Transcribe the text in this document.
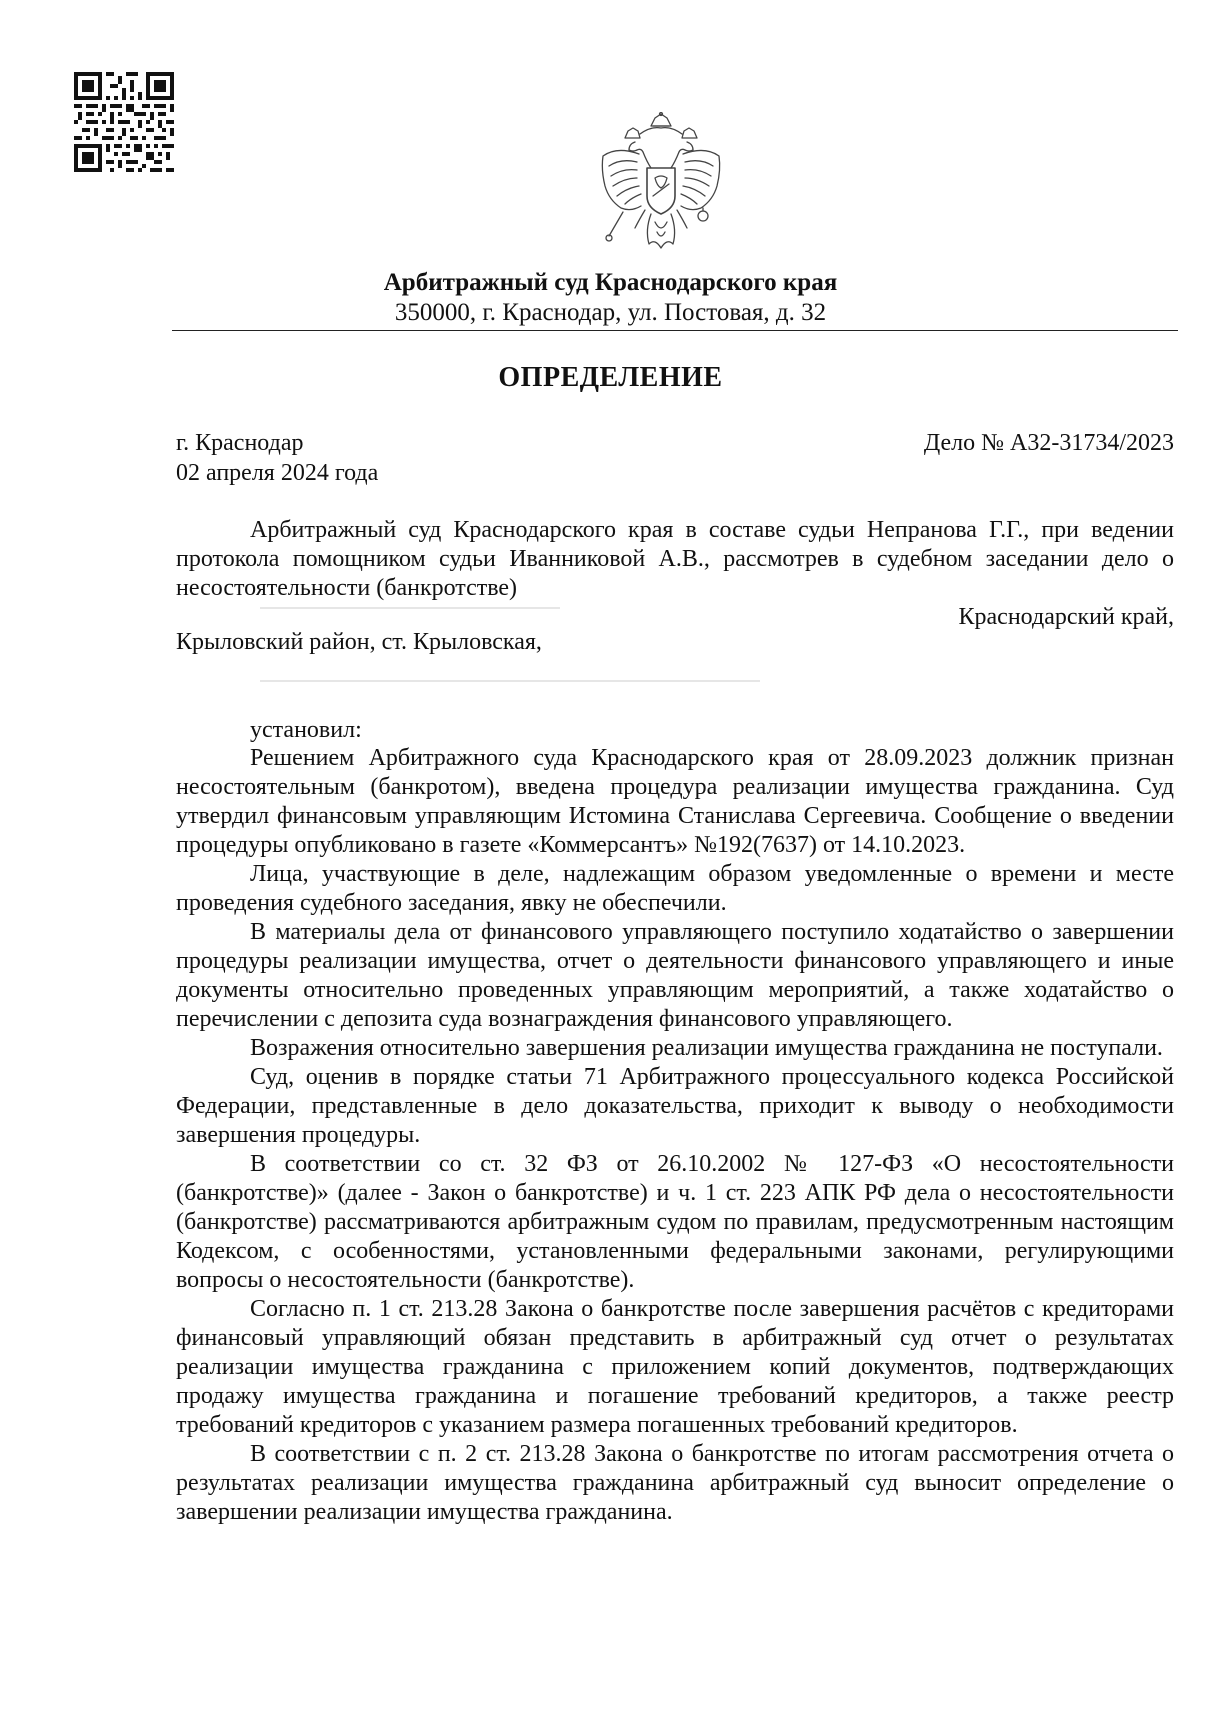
Арбитражный суд Краснодарского края
350000, г. Краснодар, ул. Постовая, д. 32
ОПРЕДЕЛЕНИЕ
г. Краснодар
02 апреля 2024 года
Дело № А32-31734/2023

Арбитражный суд Краснодарского края в составе судьи Непранова Г.Г., при ведении протокола помощником судьи Иванниковой А.В., рассмотрев в судебном заседании дело о несостоятельности (банкротстве)

Краснодарский край,
Крыловский район, ст. Крыловская,
установил:

Решением Арбитражного суда Краснодарского края от 28.09.2023 должник признан несостоятельным (банкротом), введена процедура реализации имущества гражданина. Суд утвердил финансовым управляющим Истомина Станислава Сергеевича. Сообщение о введении процедуры опубликовано в газете «Коммерсантъ» №192(7637) от 14.10.2023.

Лица, участвующие в деле, надлежащим образом уведомленные о времени и месте проведения судебного заседания, явку не обеспечили.

В материалы дела от финансового управляющего поступило ходатайство о завершении процедуры реализации имущества, отчет о деятельности финансового управляющего и иные документы относительно проведенных управляющим мероприятий, а также ходатайство о перечислении с депозита суда вознаграждения финансового управляющего.

Возражения относительно завершения реализации имущества гражданина не поступали.

Суд, оценив в порядке статьи 71 Арбитражного процессуального кодекса Российской Федерации, представленные в дело доказательства, приходит к выводу о необходимости завершения процедуры.

В соответствии со ст. 32 ФЗ от 26.10.2002 № 127-ФЗ «О несостоятельности (банкротстве)» (далее - Закон о банкротстве) и ч. 1 ст. 223 АПК РФ дела о несостоятельности (банкротстве) рассматриваются арбитражным судом по правилам, предусмотренным настоящим Кодексом, с особенностями, установленными федеральными законами, регулирующими вопросы о несостоятельности (банкротстве).

Согласно п. 1 ст. 213.28 Закона о банкротстве после завершения расчётов с кредиторами финансовый управляющий обязан представить в арбитражный суд отчет о результатах реализации имущества гражданина с приложением копий документов, подтверждающих продажу имущества гражданина и погашение требований кредиторов, а также реестр требований кредиторов с указанием размера погашенных требований кредиторов.

В соответствии с п. 2 ст. 213.28 Закона о банкротстве по итогам рассмотрения отчета о результатах реализации имущества гражданина арбитражный суд выносит определение о завершении реализации имущества гражданина.
